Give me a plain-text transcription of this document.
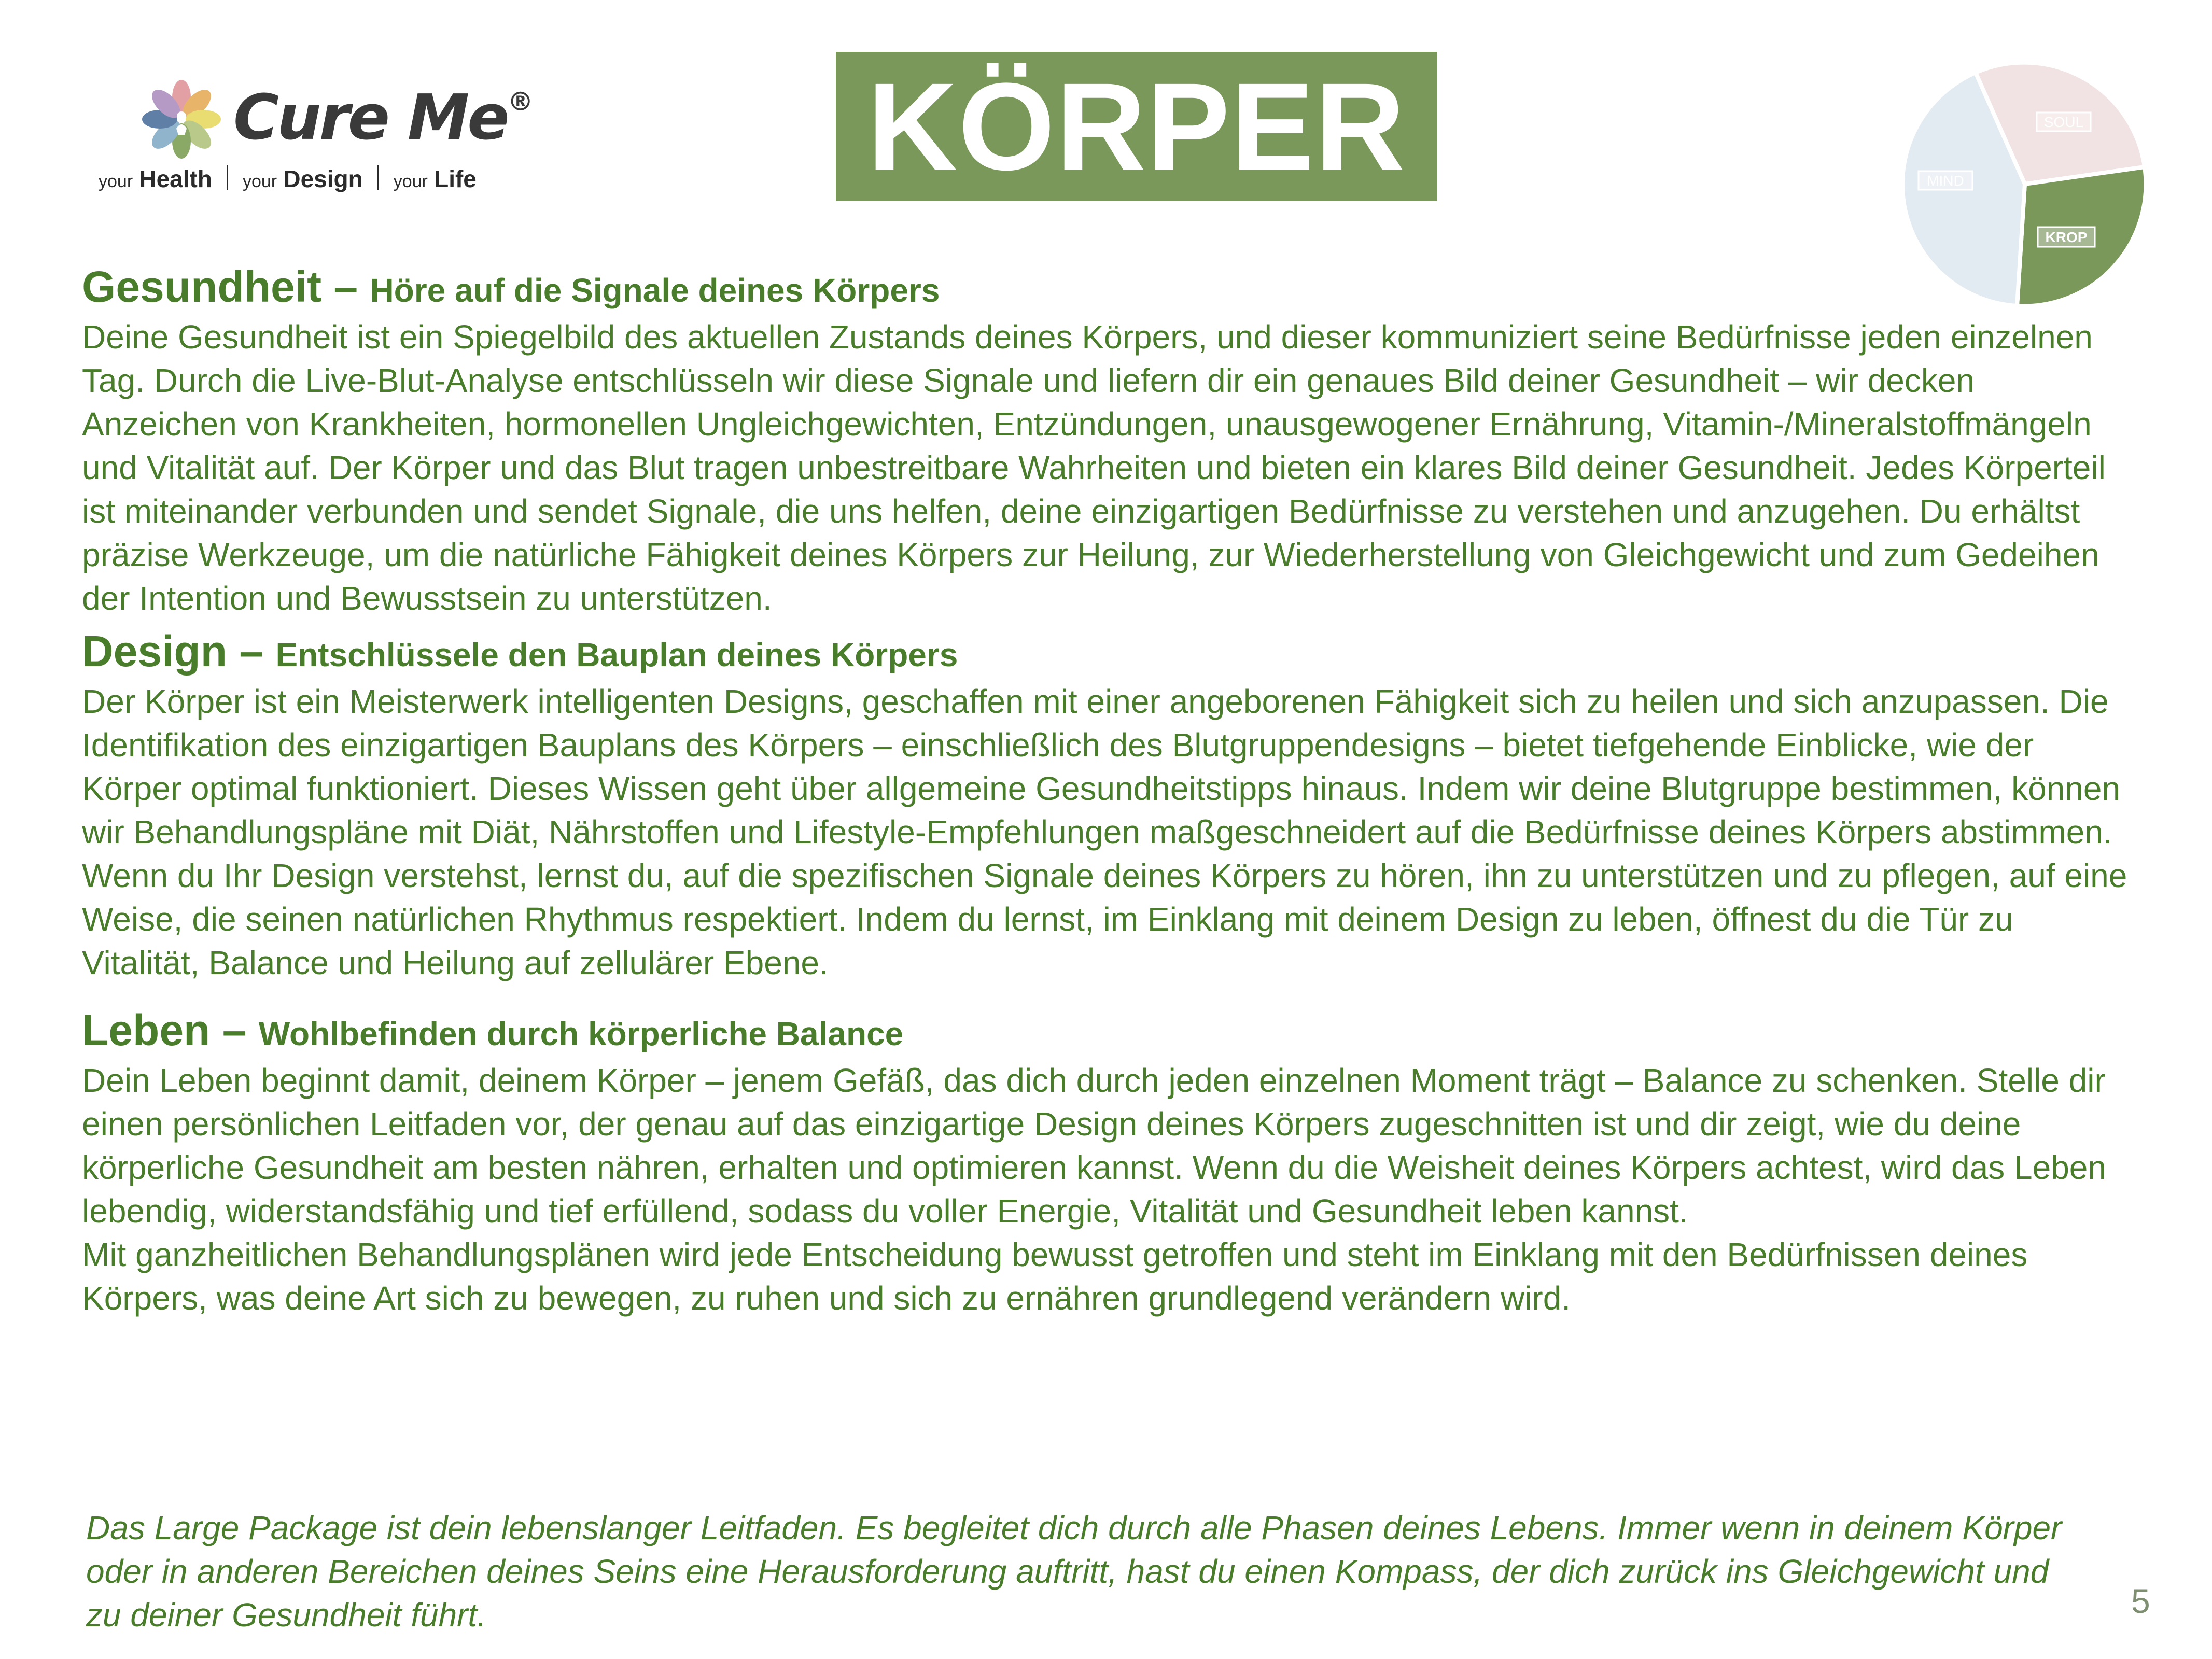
Cure Me®
your Health your Design your Life	KÖRPER	SOUL
MIND
KROP
Gesundheit – Höre auf die Signale deines Körpers

Deine Gesundheit ist ein Spiegelbild des aktuellen Zustands deines Körpers, und dieser kommuniziert seine Bedürfnisse jeden einzelnen Tag. Durch die Live-Blut-Analyse entschlüsseln wir diese Signale und liefern dir ein genaues Bild deiner Gesundheit – wir decken Anzeichen von Krankheiten, hormonellen Ungleichgewichten, Entzündungen, unausgewogener Ernährung, Vitamin-/Mineralstoffmängeln und Vitalität auf. Der Körper und das Blut tragen unbestreitbare Wahrheiten und bieten ein klares Bild deiner Gesundheit. Jedes Körperteil ist miteinander verbunden und sendet Signale, die uns helfen, deine einzigartigen Bedürfnisse zu verstehen und anzugehen. Du erhältst präzise Werkzeuge, um die natürliche Fähigkeit deines Körpers zur Heilung, zur Wiederherstellung von Gleichgewicht und zum Gedeihen der Intention und Bewusstsein zu unterstützen.

Design – Entschlüssele den Bauplan deines Körpers

Der Körper ist ein Meisterwerk intelligenten Designs, geschaffen mit einer angeborenen Fähigkeit sich zu heilen und sich anzupassen. Die Identifikation des einzigartigen Bauplans des Körpers – einschließlich des Blutgruppendesigns – bietet tiefgehende Einblicke, wie der Körper optimal funktioniert. Dieses Wissen geht über allgemeine Gesundheitstipps hinaus. Indem wir deine Blutgruppe bestimmen, können wir Behandlungspläne mit Diät, Nährstoffen und Lifestyle-Empfehlungen maßgeschneidert auf die Bedürfnisse deines Körpers abstimmen. Wenn du Ihr Design verstehst, lernst du, auf die spezifischen Signale deines Körpers zu hören, ihn zu unterstützen und zu pflegen, auf eine Weise, die seinen natürlichen Rhythmus respektiert. Indem du lernst, im Einklang mit deinem Design zu leben, öffnest du die Tür zu Vitalität, Balance und Heilung auf zellulärer Ebene.

Leben – Wohlbefinden durch körperliche Balance

Dein Leben beginnt damit, deinem Körper – jenem Gefäß, das dich durch jeden einzelnen Moment trägt – Balance zu schenken. Stelle dir einen persönlichen Leitfaden vor, der genau auf das einzigartige Design deines Körpers zugeschnitten ist und dir zeigt, wie du deine körperliche Gesundheit am besten nähren, erhalten und optimieren kannst. Wenn du die Weisheit deines Körpers achtest, wird das Leben lebendig, widerstandsfähig und tief erfüllend, sodass du voller Energie, Vitalität und Gesundheit leben kannst.

Mit ganzheitlichen Behandlungsplänen wird jede Entscheidung bewusst getroffen und steht im Einklang mit den Bedürfnissen deines Körpers, was deine Art sich zu bewegen, zu ruhen und sich zu ernähren grundlegend verändern wird.

Das Large Package ist dein lebenslanger Leitfaden. Es begleitet dich durch alle Phasen deines Lebens. Immer wenn in deinem Körper oder in anderen Bereichen deines Seins eine Herausforderung auftritt, hast du einen Kompass, der dich zurück ins Gleichgewicht und zu deiner Gesundheit führt.	5
